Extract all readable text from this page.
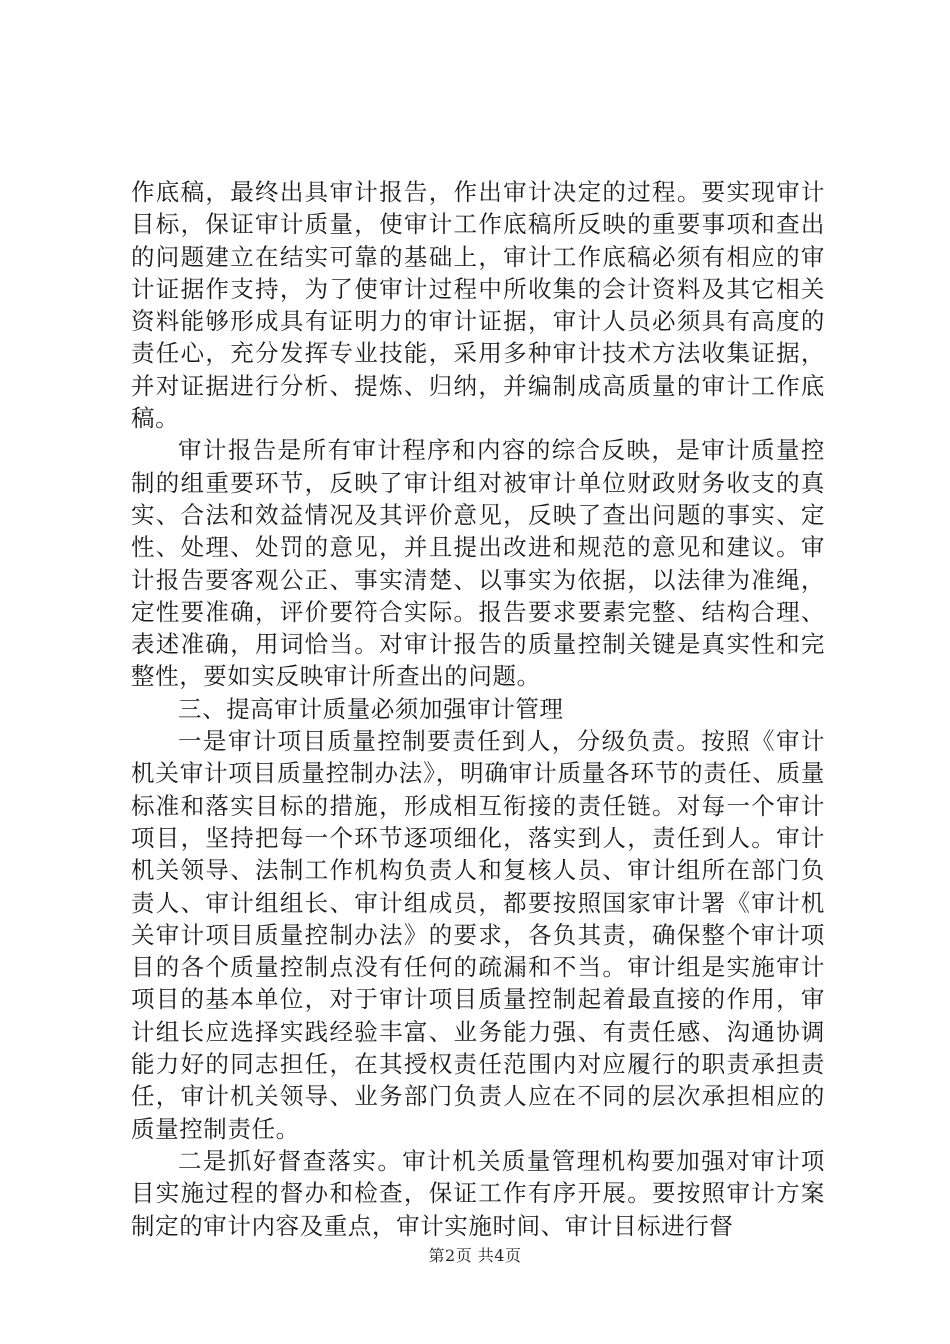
作底稿，最终出具审计报告，作出审计决定的过程。要实现审计目标，保证审计质量，使审计工作底稿所反映的重要事项和查出的问题建立在结实可靠的基础上，审计工作底稿必须有相应的审计证据作支持，为了使审计过程中所收集的会计资料及其它相关资料能够形成具有证明力的审计证据，审计人员必须具有高度的责任心，充分发挥专业技能，采用多种审计技术方法收集证据，并对证据进行分析、提炼、归纳，并编制成高质量的审计工作底稿。

审计报告是所有审计程序和内容的综合反映，是审计质量控制的组重要环节，反映了审计组对被审计单位财政财务收支的真实、合法和效益情况及其评价意见，反映了查出问题的事实、定性、处理、处罚的意见，并且提出改进和规范的意见和建议。审计报告要客观公正、事实清楚、以事实为依据，以法律为准绳，定性要准确，评价要符合实际。报告要求要素完整、结构合理、表述准确，用词恰当。对审计报告的质量控制关键是真实性和完整性，要如实反映审计所查出的问题。

三、提高审计质量必须加强审计管理

一是审计项目质量控制要责任到人，分级负责。按照《审计机关审计项目质量控制办法》，明确审计质量各环节的责任、质量标准和落实目标的措施，形成相互衔接的责任链。对每一个审计项目，坚持把每一个环节逐项细化，落实到人，责任到人。审计机关领导、法制工作机构负责人和复核人员、审计组所在部门负责人、审计组组长、审计组成员，都要按照国家审计署《审计机关审计项目质量控制办法》的要求，各负其责，确保整个审计项目的各个质量控制点没有任何的疏漏和不当。审计组是实施审计项目的基本单位，对于审计项目质量控制起着最直接的作用，审计组长应选择实践经验丰富、业务能力强、有责任感、沟通协调能力好的同志担任，在其授权责任范围内对应履行的职责承担责任，审计机关领导、业务部门负责人应在不同的层次承担相应的质量控制责任。

二是抓好督查落实。审计机关质量管理机构要加强对审计项目实施过程的督办和检查，保证工作有序开展。要按照审计方案制定的审计内容及重点，审计实施时间、审计目标进行督

第2页 共4页
